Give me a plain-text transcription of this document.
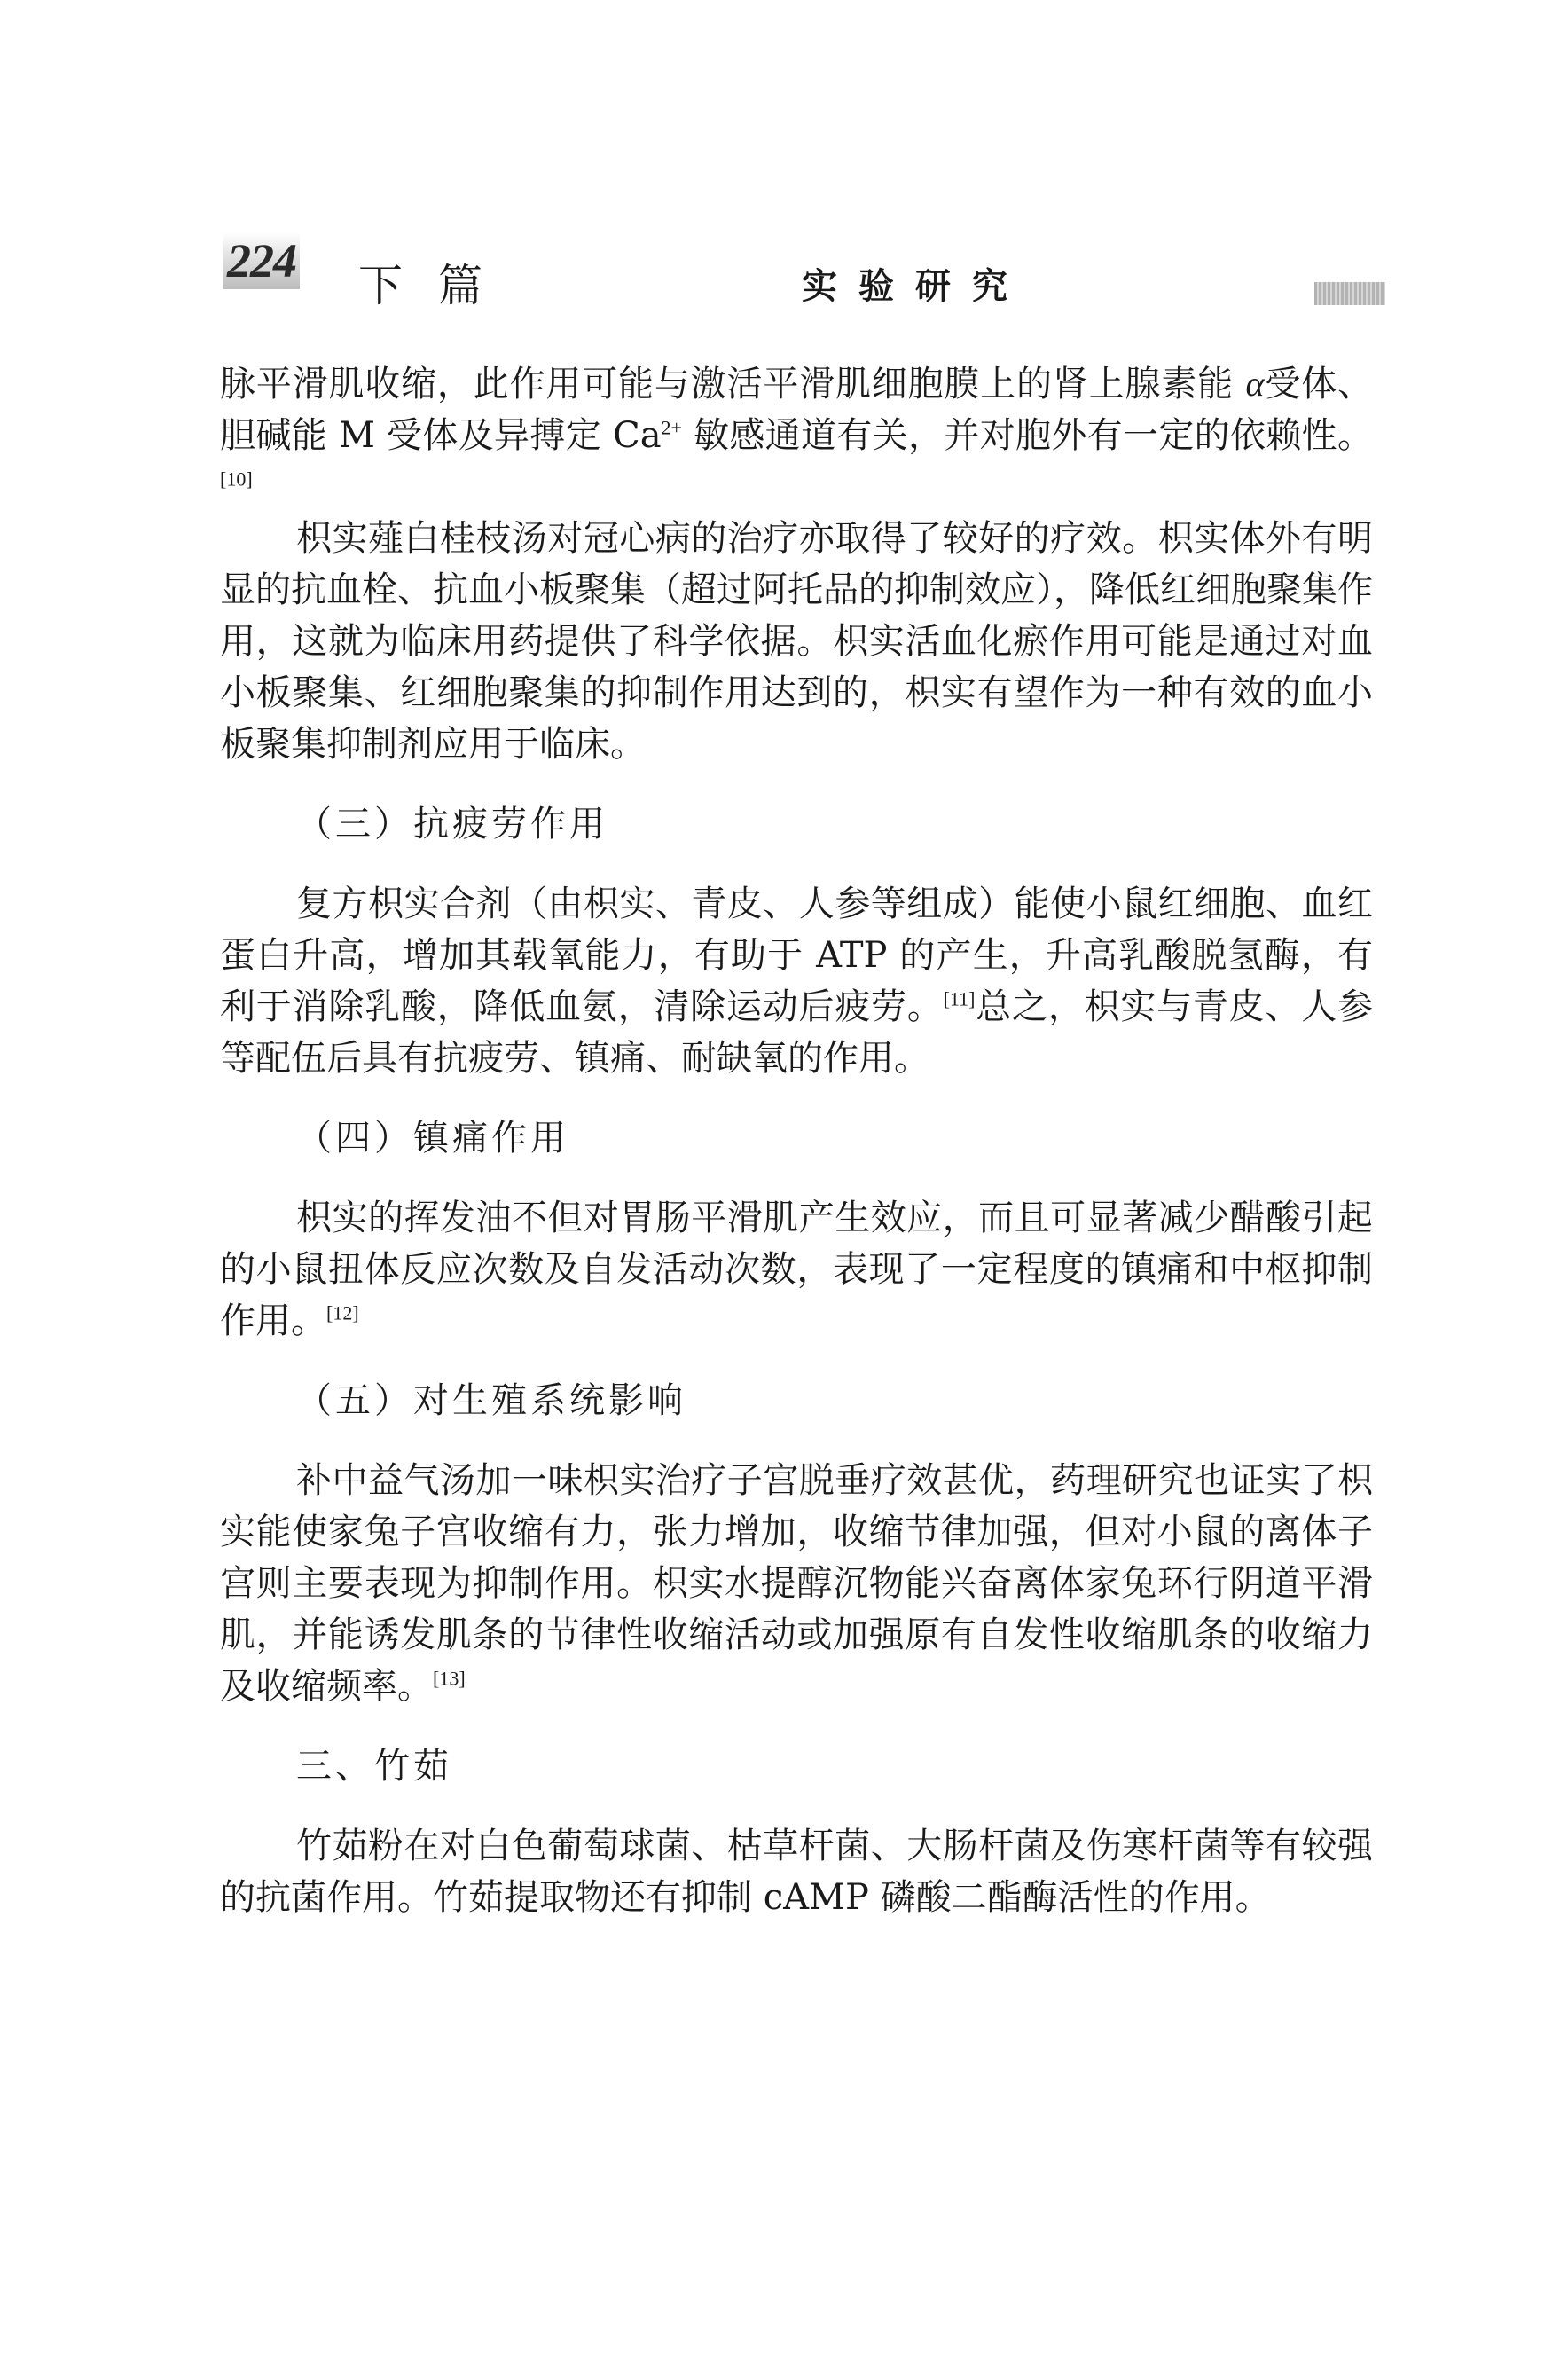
224 下篇	实验研究

脉平滑肌收缩，此作用可能与激活平滑肌细胞膜上的肾上腺素能 α受体、胆碱能 M 受体及异搏定 Ca$^{2+}$ 敏感通道有关，并对胞外有一定的依赖性。[10]

枳实薤白桂枝汤对冠心病的治疗亦取得了较好的疗效。枳实体外有明显的抗血栓、抗血小板聚集（超过阿托品的抑制效应），降低红细胞聚集作用，这就为临床用药提供了科学依据。枳实活血化瘀作用可能是通过对血小板聚集、红细胞聚集的抑制作用达到的，枳实有望作为一种有效的血小板聚集抑制剂应用于临床。

（三）抗疲劳作用

复方枳实合剂（由枳实、青皮、人参等组成）能使小鼠红细胞、血红蛋白升高，增加其载氧能力，有助于 ATP 的产生，升高乳酸脱氢酶，有利于消除乳酸，降低血氨，清除运动后疲劳。[11]总之，枳实与青皮、人参等配伍后具有抗疲劳、镇痛、耐缺氧的作用。

（四）镇痛作用

枳实的挥发油不但对胃肠平滑肌产生效应，而且可显著减少醋酸引起的小鼠扭体反应次数及自发活动次数，表现了一定程度的镇痛和中枢抑制作用。[12]

（五）对生殖系统影响

补中益气汤加一味枳实治疗子宫脱垂疗效甚优，药理研究也证实了枳实能使家兔子宫收缩有力，张力增加，收缩节律加强，但对小鼠的离体子宫则主要表现为抑制作用。枳实水提醇沉物能兴奋离体家兔环行阴道平滑肌，并能诱发肌条的节律性收缩活动或加强原有自发性收缩肌条的收缩力及收缩频率。[13]

三、竹茹

竹茹粉在对白色葡萄球菌、枯草杆菌、大肠杆菌及伤寒杆菌等有较强的抗菌作用。竹茹提取物还有抑制 cAMP 磷酸二酯酶活性的作用。
